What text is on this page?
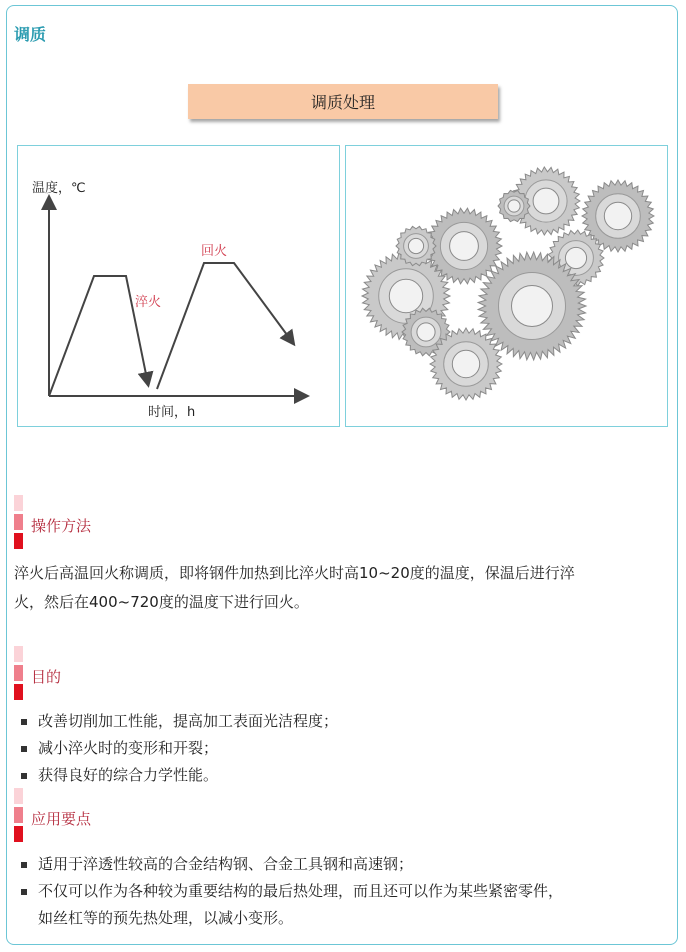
调质
调质处理
温度，℃
时间，h
淬火
回火
操作方法
淬火后高温回火称调质，即将钢件加热到比淬火时高10~20度的温度，保温后进行淬
火，然后在400~720度的温度下进行回火。
目的
改善切削加工性能，提高加工表面光洁程度；
减小淬火时的变形和开裂；
获得良好的综合力学性能。
应用要点
适用于淬透性较高的合金结构钢、合金工具钢和高速钢；
不仅可以作为各种较为重要结构的最后热处理，而且还可以作为某些紧密零件，
如丝杠等的预先热处理，以减小变形。
